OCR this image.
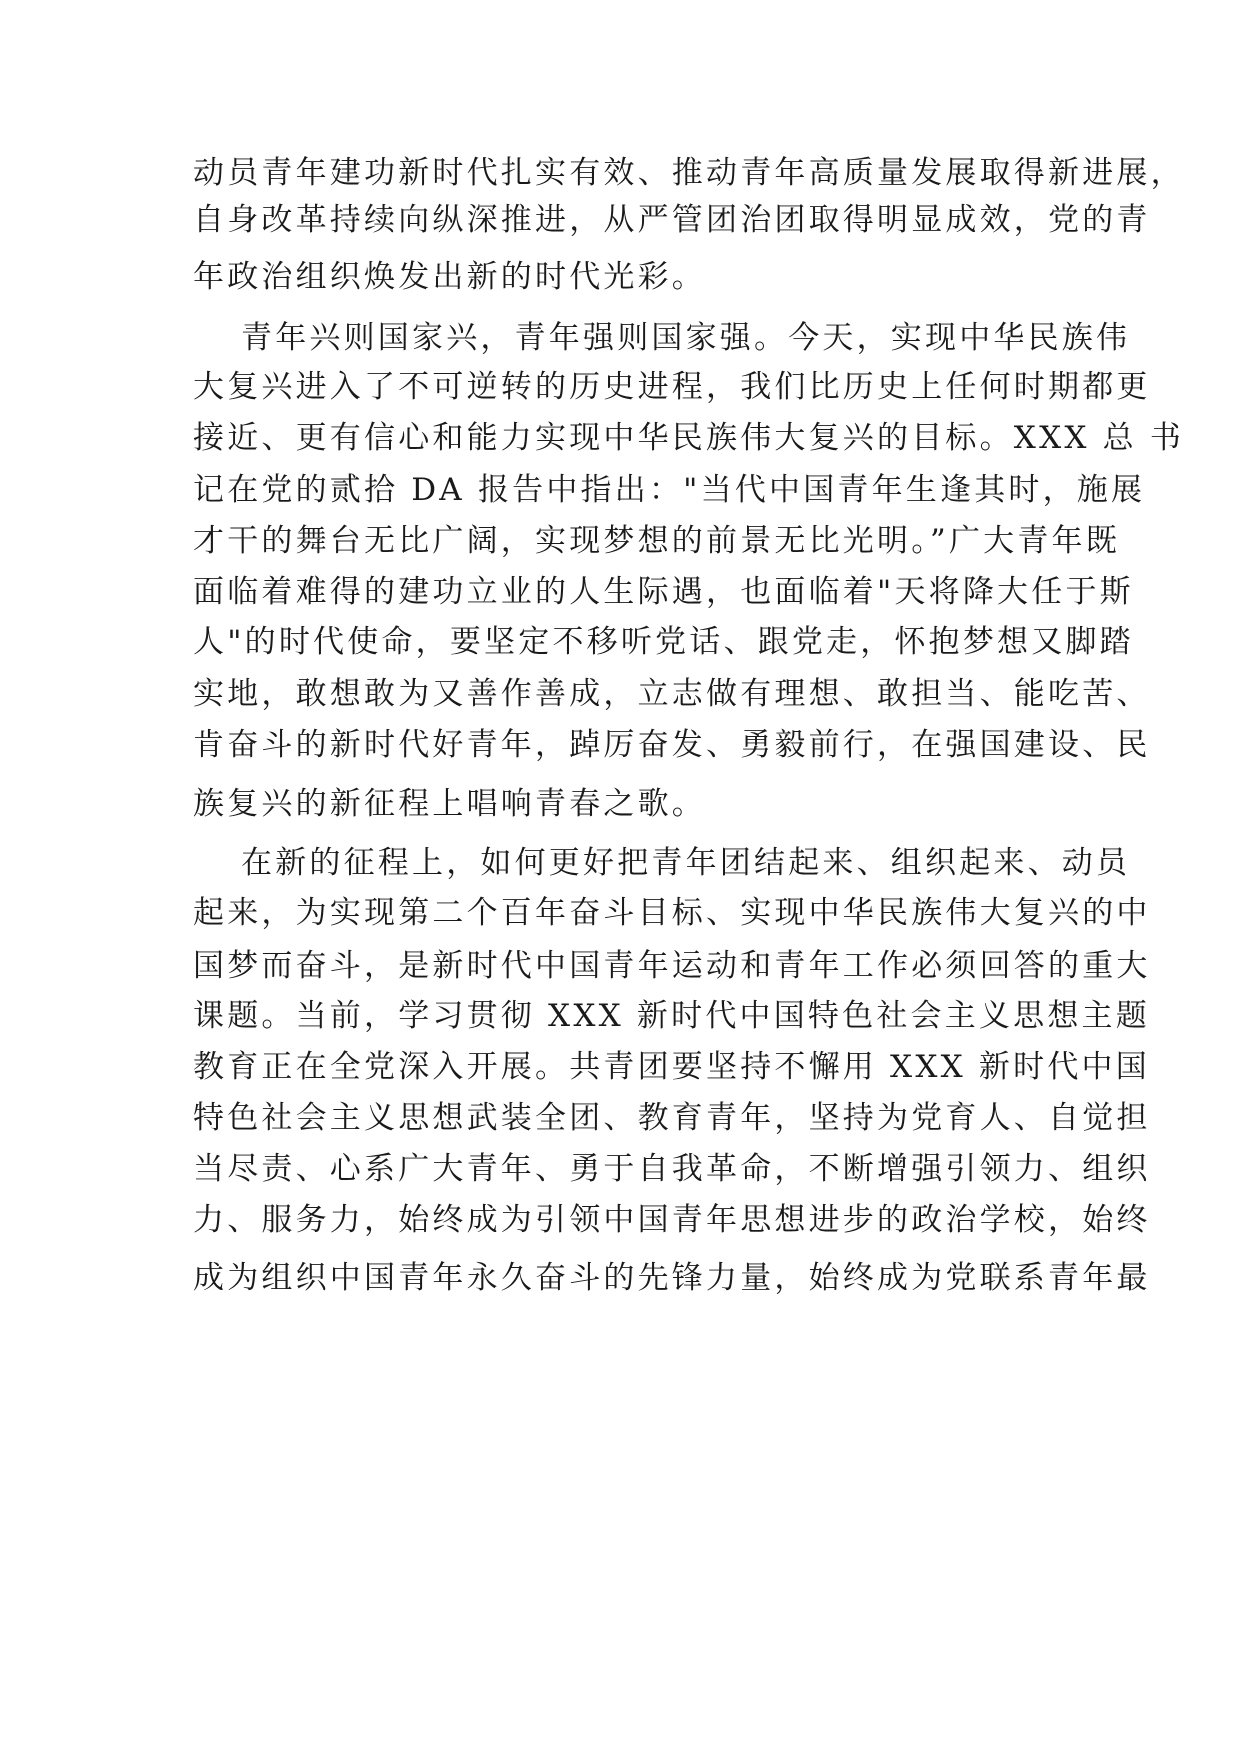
动员青年建功新时代扎实有效、推动青年高质量发展取得新进展，
自身改革持续向纵深推进，从严管团治团取得明显成效，党的青
年政治组织焕发出新的时代光彩。
青年兴则国家兴，青年强则国家强。今天，实现中华民族伟
大复兴进入了不可逆转的历史进程，我们比历史上任何时期都更
接近、更有信心和能力实现中华民族伟大复兴的目标。XXX 总 书
记在党的贰拾 DA 报告中指出："当代中国青年生逢其时，施展
才干的舞台无比广阔，实现梦想的前景无比光明。”广大青年既
面临着难得的建功立业的人生际遇，也面临着"天将降大任于斯
人"的时代使命，要坚定不移听党话、跟党走，怀抱梦想又脚踏
实地，敢想敢为又善作善成，立志做有理想、敢担当、能吃苦、
肯奋斗的新时代好青年，踔厉奋发、勇毅前行，在强国建设、民
族复兴的新征程上唱响青春之歌。
在新的征程上，如何更好把青年团结起来、组织起来、动员
起来，为实现第二个百年奋斗目标、实现中华民族伟大复兴的中
国梦而奋斗，是新时代中国青年运动和青年工作必须回答的重大
课题。当前，学习贯彻 XXX 新时代中国特色社会主义思想主题
教育正在全党深入开展。共青团要坚持不懈用 XXX 新时代中国
特色社会主义思想武装全团、教育青年，坚持为党育人、自觉担
当尽责、心系广大青年、勇于自我革命，不断增强引领力、组织
力、服务力，始终成为引领中国青年思想进步的政治学校，始终
成为组织中国青年永久奋斗的先锋力量，始终成为党联系青年最
